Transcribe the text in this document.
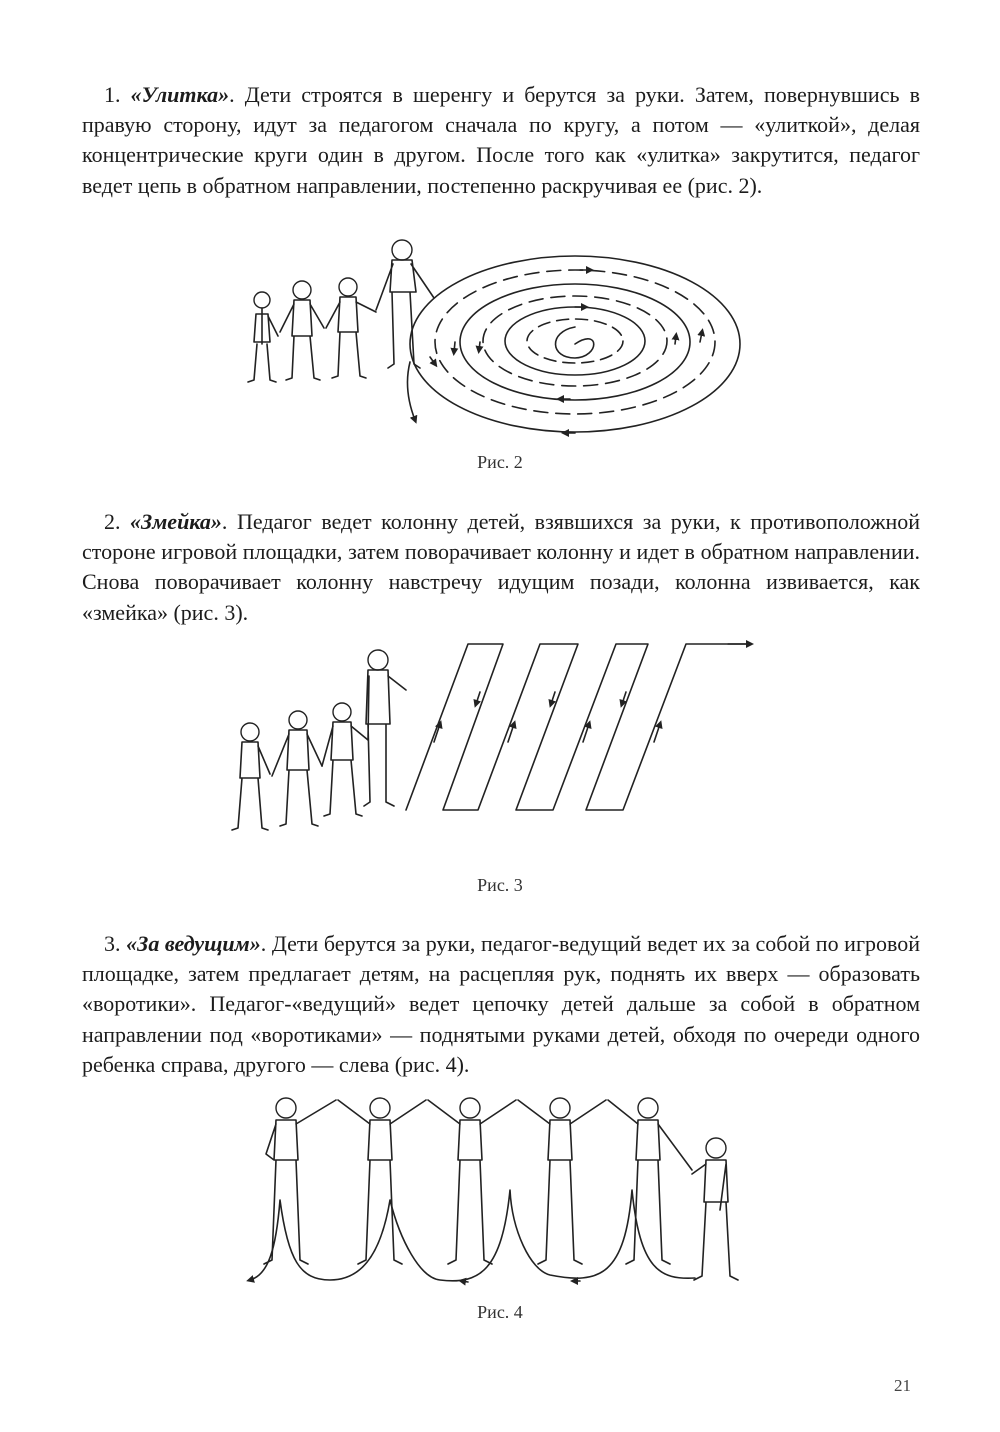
1. «Улитка». Дети строятся в шеренгу и берутся за руки. Затем, повернувшись в правую сторону, идут за педагогом сначала по кругу, а потом — «улиткой», делая концентрические круги один в другом. После того как «улитка» закрутится, педагог ведет цепь в обратном направлении, постепенно раскручивая ее (рис. 2).

Рис. 2

2. «Змейка». Педагог ведет колонну детей, взявшихся за руки, к противоположной стороне игровой площадки, затем поворачивает колонну и идет в обратном направлении. Снова поворачивает колонну навстречу идущим позади, колонна извивается, как «змейка» (рис. 3).

Рис. 3

3. «За ведущим». Дети берутся за руки, педагог-ведущий ведет их за собой по игровой площадке, затем предлагает детям, на расцепляя рук, поднять их вверх — образовать «воротики». Педагог-«ведущий» ведет цепочку детей дальше за собой в обратном направлении под «воротиками» — поднятыми руками детей, обходя по очереди одного ребенка справа, другого — слева (рис. 4).

Рис. 4
21
